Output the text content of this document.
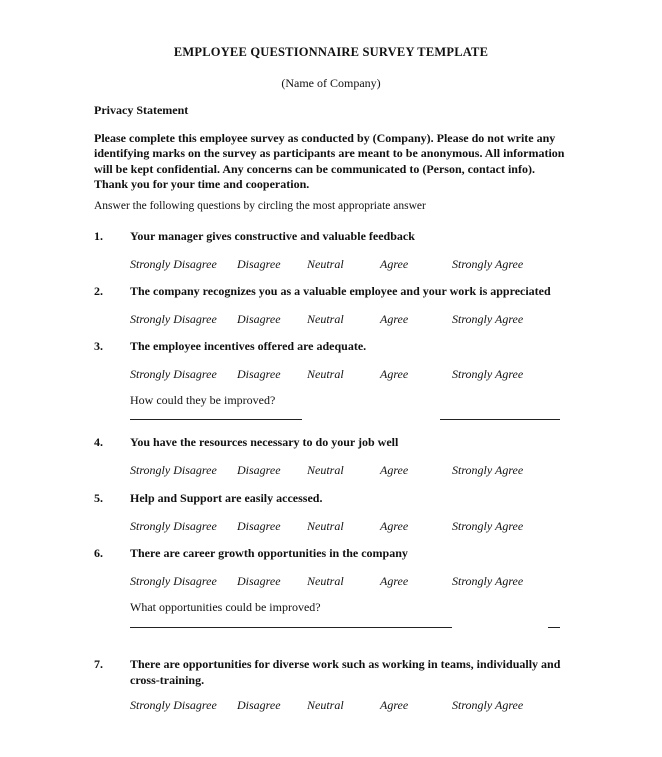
EMPLOYEE QUESTIONNAIRE SURVEY TEMPLATE
(Name of Company)
Privacy Statement
Please complete this employee survey as conducted by (Company). Please do not write any identifying marks on the survey as participants are meant to be anonymous. All information will be kept confidential. Any concerns can be communicated to (Person, contact info). Thank you for your time and cooperation.
Answer the following questions by circling the most appropriate answer
1. Your manager gives constructive and valuable feedback
Strongly Disagree Disagree Neutral	Agree	Strongly Agree
2. The company recognizes you as a valuable employee and your work is appreciated
Strongly Disagree Disagree Neutral	Agree	Strongly Agree
3. The employee incentives offered are adequate.
Strongly Disagree Disagree Neutral	Agree	Strongly Agree
How could they be improved?
4. You have the resources necessary to do your job well
Strongly Disagree Disagree Neutral	Agree	Strongly Agree
5. Help and Support are easily accessed.
Strongly Disagree Disagree Neutral	Agree	Strongly Agree
6. There are career growth opportunities in the company
Strongly Disagree Disagree Neutral	Agree	Strongly Agree
What opportunities could be improved?
7. There are opportunities for diverse work such as working in teams, individually and cross-training.
Strongly Disagree Disagree Neutral	Agree	Strongly Agree
